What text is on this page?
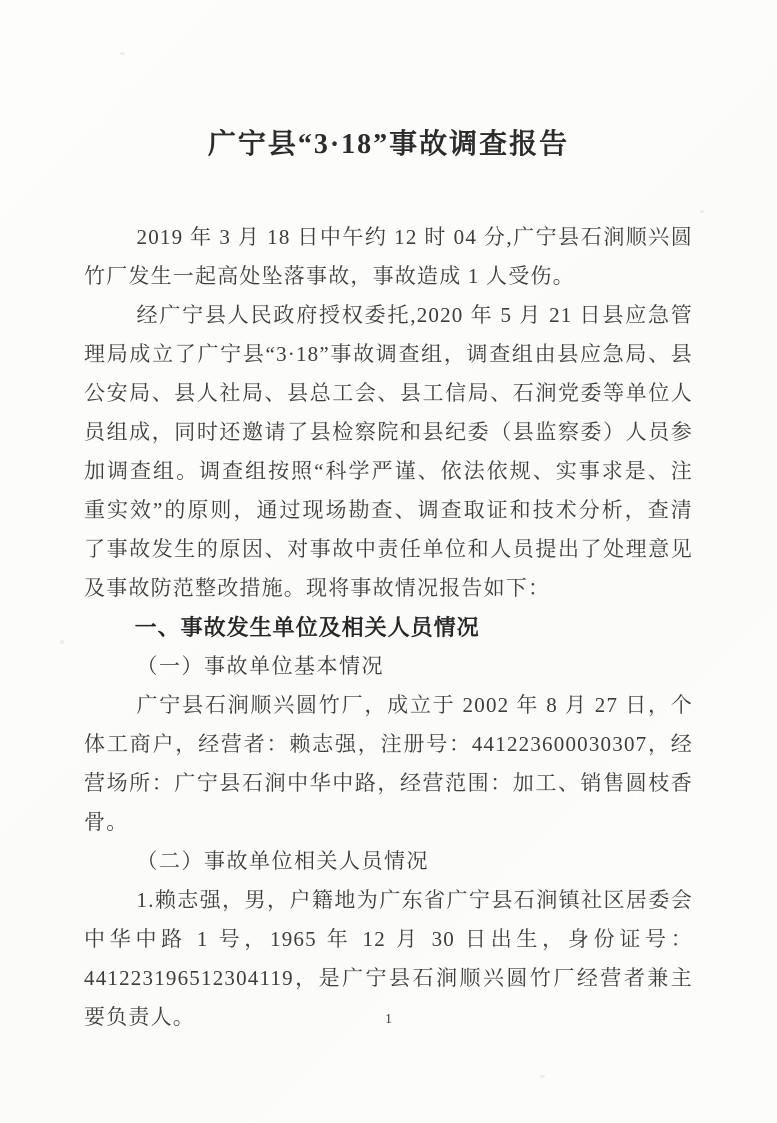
广宁县“3·18”事故调查报告

2019 年 3 月 18 日中午约 12 时 04 分,广宁县石涧顺兴圆竹厂发生一起高处坠落事故，事故造成 1 人受伤。

经广宁县人民政府授权委托,2020 年 5 月 21 日县应急管理局成立了广宁县“3·18”事故调查组，调查组由县应急局、县公安局、县人社局、县总工会、县工信局、石涧党委等单位人员组成，同时还邀请了县检察院和县纪委（县监察委）人员参加调查组。调查组按照“科学严谨、依法依规、实事求是、注重实效”的原则，通过现场勘查、调查取证和技术分析，查清了事故发生的原因、对事故中责任单位和人员提出了处理意见及事故防范整改措施。现将事故情况报告如下：

一、事故发生单位及相关人员情况
（一）事故单位基本情况

广宁县石涧顺兴圆竹厂，成立于 2002 年 8 月 27 日，个体工商户，经营者：赖志强，注册号：441223600030307，经营场所：广宁县石涧中华中路，经营范围：加工、销售圆枝香骨。

（二）事故单位相关人员情况

1.赖志强，男，户籍地为广东省广宁县石涧镇社区居委会中华中路 1 号，1965 年 12 月 30 日出生，身份证号：441223196512304119，是广宁县石涧顺兴圆竹厂经营者兼主要负责人。	1
